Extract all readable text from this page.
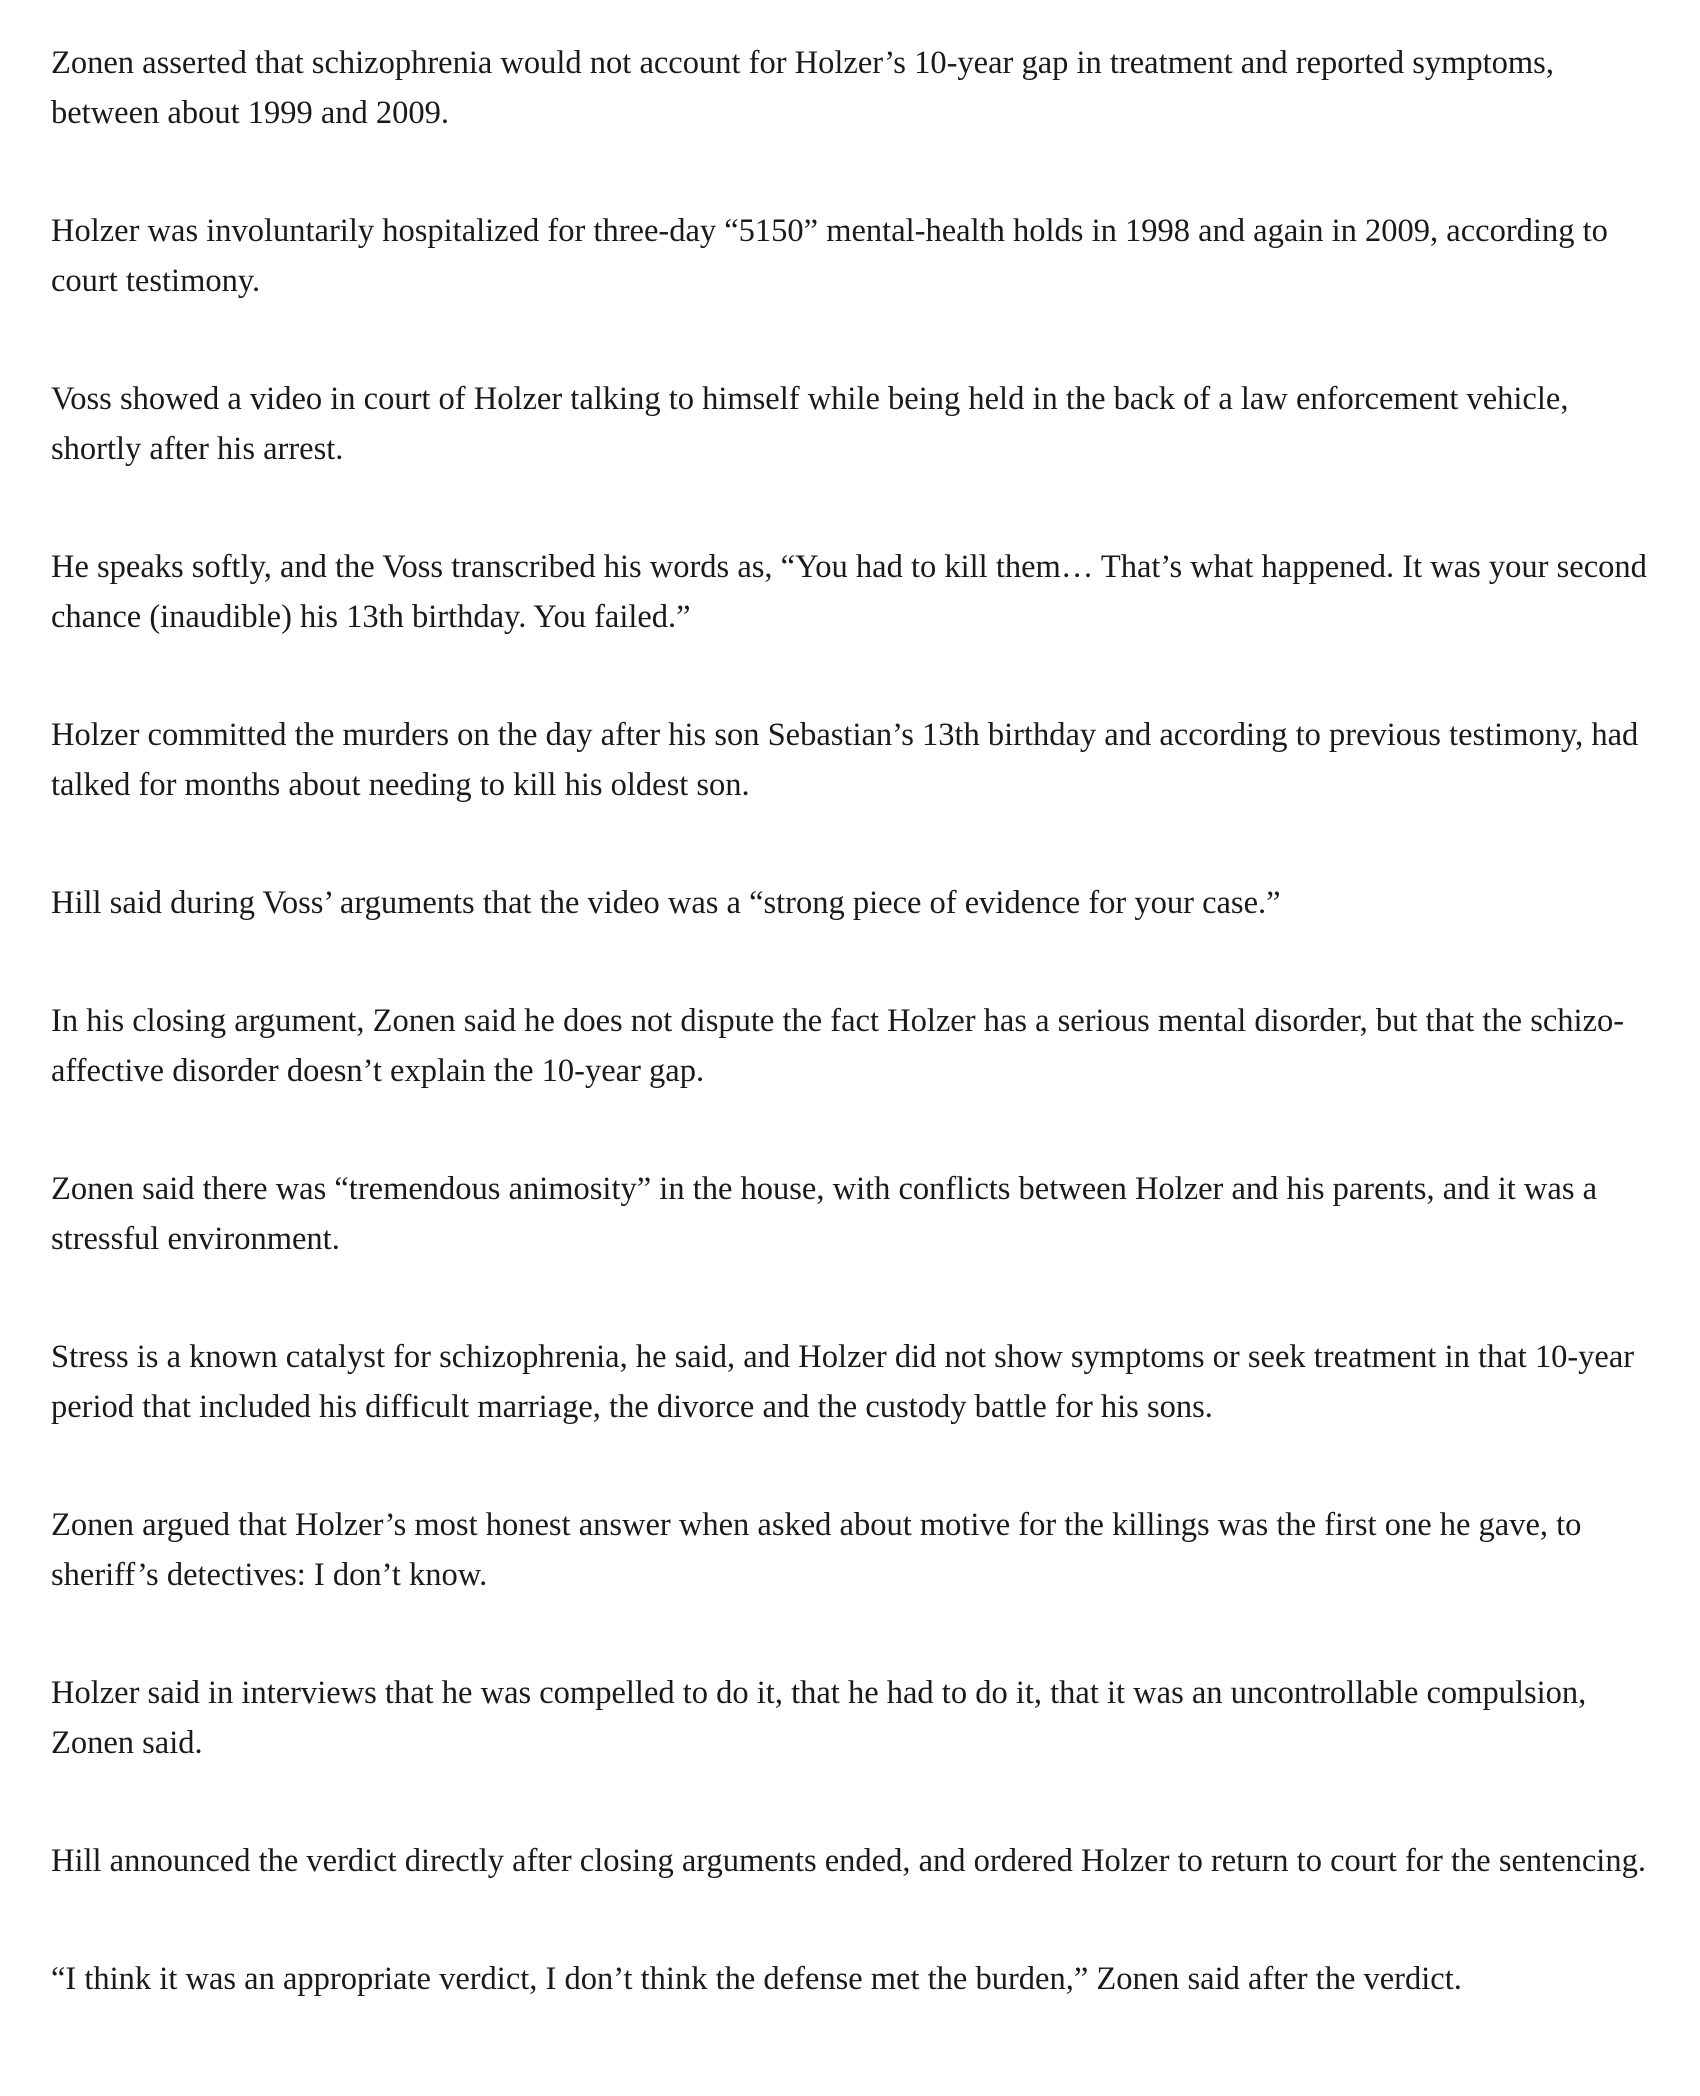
Zonen asserted that schizophrenia would not account for Holzer’s 10-year gap in treatment and reported symptoms, between about 1999 and 2009.

Holzer was involuntarily hospitalized for three-day “5150” mental-health holds in 1998 and again in 2009, according to court testimony.

Voss showed a video in court of Holzer talking to himself while being held in the back of a law enforcement vehicle, shortly after his arrest.

He speaks softly, and the Voss transcribed his words as, “You had to kill them… That’s what happened. It was your second chance (inaudible) his 13th birthday. You failed.”

Holzer committed the murders on the day after his son Sebastian’s 13th birthday and according to previous testimony, had talked for months about needing to kill his oldest son.

Hill said during Voss’ arguments that the video was a “strong piece of evidence for your case.”

In his closing argument, Zonen said he does not dispute the fact Holzer has a serious mental disorder, but that the schizo-affective disorder doesn’t explain the 10-year gap.

Zonen said there was “tremendous animosity” in the house, with conflicts between Holzer and his parents, and it was a stressful environment.

Stress is a known catalyst for schizophrenia, he said, and Holzer did not show symptoms or seek treatment in that 10-year period that included his difficult marriage, the divorce and the custody battle for his sons.

Zonen argued that Holzer’s most honest answer when asked about motive for the killings was the first one he gave, to sheriff’s detectives: I don’t know.

Holzer said in interviews that he was compelled to do it, that he had to do it, that it was an uncontrollable compulsion, Zonen said.

Hill announced the verdict directly after closing arguments ended, and ordered Holzer to return to court for the sentencing.

“I think it was an appropriate verdict, I don’t think the defense met the burden,” Zonen said after the verdict.
